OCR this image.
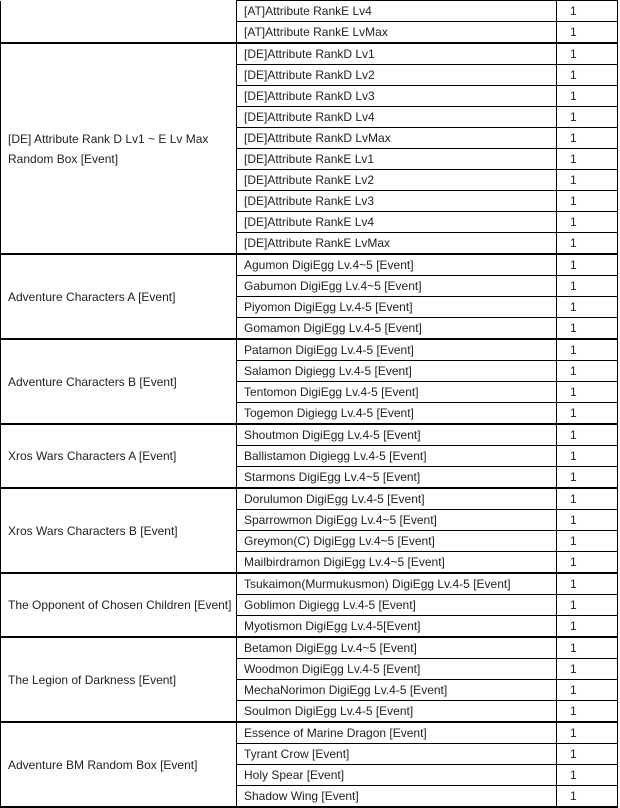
	[AT]Attribute RankE Lv4	1
	[AT]Attribute RankE LvMax	1
[DE] Attribute Rank D Lv1 ~ E Lv Max Random Box [Event]	[DE]Attribute RankD Lv1	1
	[DE]Attribute RankD Lv2	1
	[DE]Attribute RankD Lv3	1
	[DE]Attribute RankD Lv4	1
	[DE]Attribute RankD LvMax	1
	[DE]Attribute RankE Lv1	1
	[DE]Attribute RankE Lv2	1
	[DE]Attribute RankE Lv3	1
	[DE]Attribute RankE Lv4	1
	[DE]Attribute RankE LvMax	1
Adventure Characters A [Event]	Agumon DigiEgg Lv.4~5 [Event]	1
	Gabumon DigiEgg Lv.4~5 [Event]	1
	Piyomon DigiEgg Lv.4-5 [Event]	1
	Gomamon DigiEgg Lv.4-5 [Event]	1
Adventure Characters B [Event]	Patamon DigiEgg Lv.4-5 [Event]	1
	Salamon Digiegg Lv.4-5 [Event]	1
	Tentomon DigiEgg Lv.4-5 [Event]	1
	Togemon Digiegg Lv.4-5 [Event]	1
Xros Wars Characters A [Event]	Shoutmon DigiEgg Lv.4-5 [Event]	1
	Ballistamon Digiegg Lv.4-5 [Event]	1
	Starmons DigiEgg Lv.4~5 [Event]	1
Xros Wars Characters B [Event]	Dorulumon DigiEgg Lv.4-5 [Event]	1
	Sparrowmon DigiEgg Lv.4~5 [Event]	1
	Greymon(C) DigiEgg Lv.4~5 [Event]	1
	Mailbirdramon DigiEgg Lv.4~5 [Event]	1
The Opponent of Chosen Children [Event]	Tsukaimon(Murmukusmon) DigiEgg Lv.4-5 [Event]	1
	Goblimon Digiegg Lv.4-5 [Event]	1
	Myotismon DigiEgg Lv.4-5[Event]	1
The Legion of Darkness [Event]	Betamon DigiEgg Lv.4~5 [Event]	1
	Woodmon DigiEgg Lv.4-5 [Event]	1
	MechaNorimon DigiEgg Lv.4-5 [Event]	1
	Soulmon DigiEgg Lv.4-5 [Event]	1
Adventure BM Random Box [Event]	Essence of Marine Dragon [Event]	1
	Tyrant Crow [Event]	1
	Holy Spear [Event]	1
	Shadow Wing [Event]	1
